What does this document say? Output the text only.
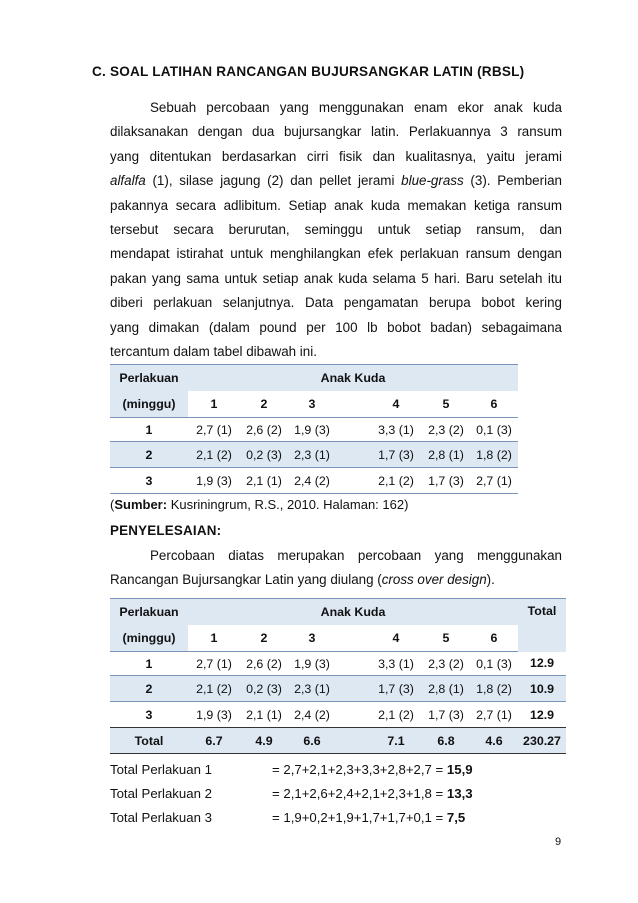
C. SOAL LATIHAN RANCANGAN BUJURSANGKAR LATIN (RBSL)
Sebuah percobaan yang menggunakan enam ekor anak kuda
dilaksanakan dengan dua bujursangkar latin. Perlakuannya 3 ransum
yang ditentukan berdasarkan cirri fisik dan kualitasnya, yaitu jerami
alfalfa (1), silase jagung (2) dan pellet jerami blue-grass (3). Pemberian
pakannya secara adlibitum. Setiap anak kuda memakan ketiga ransum
tersebut secara berurutan, seminggu untuk setiap ransum, dan
mendapat istirahat untuk menghilangkan efek perlakuan ransum dengan
pakan yang sama untuk setiap anak kuda selama 5 hari. Baru setelah itu
diberi perlakuan selanjutnya. Data pengamatan berupa bobot kering
yang dimakan (dalam pound per 100 lb bobot badan) sebagaimana
tercantum dalam tabel dibawah ini.
Perlakuan	Anak Kuda						
(minggu)	1	2	3		4	5	6
1	2,7 (1)	2,6 (2)	1,9 (3)		3,3 (1)	2,3 (2)	0,1 (3)
2	2,1 (2)	0,2 (3)	2,3 (1)		1,7 (3)	2,8 (1)	1,8 (2)
3	1,9 (3)	2,1 (1)	2,4 (2)		2,1 (2)	1,7 (3)	2,7 (1)
(Sumber: Kusriningrum, R.S., 2010. Halaman: 162)
PENYELESAIAN:
Percobaan diatas merupakan percobaan yang menggunakan
Rancangan Bujursangkar Latin yang diulang (cross over design).
Perlakuan	Anak Kuda							Total
(minggu)	1	2	3		4	5	6	
1	2,7 (1)	2,6 (2)	1,9 (3)		3,3 (1)	2,3 (2)	0,1 (3)	12.9
2	2,1 (2)	0,2 (3)	2,3 (1)		1,7 (3)	2,8 (1)	1,8 (2)	10.9
3	1,9 (3)	2,1 (1)	2,4 (2)		2,1 (2)	1,7 (3)	2,7 (1)	12.9
Total	6.7	4.9	6.6		7.1	6.8	4.6	230.27
Total Perlakuan 1	= 2,7+2,1+2,3+3,3+2,8+2,7 = 15,9
Total Perlakuan 2	= 2,1+2,6+2,4+2,1+2,3+1,8 = 13,3
Total Perlakuan 3	= 1,9+0,2+1,9+1,7+1,7+0,1 = 7,5
9
